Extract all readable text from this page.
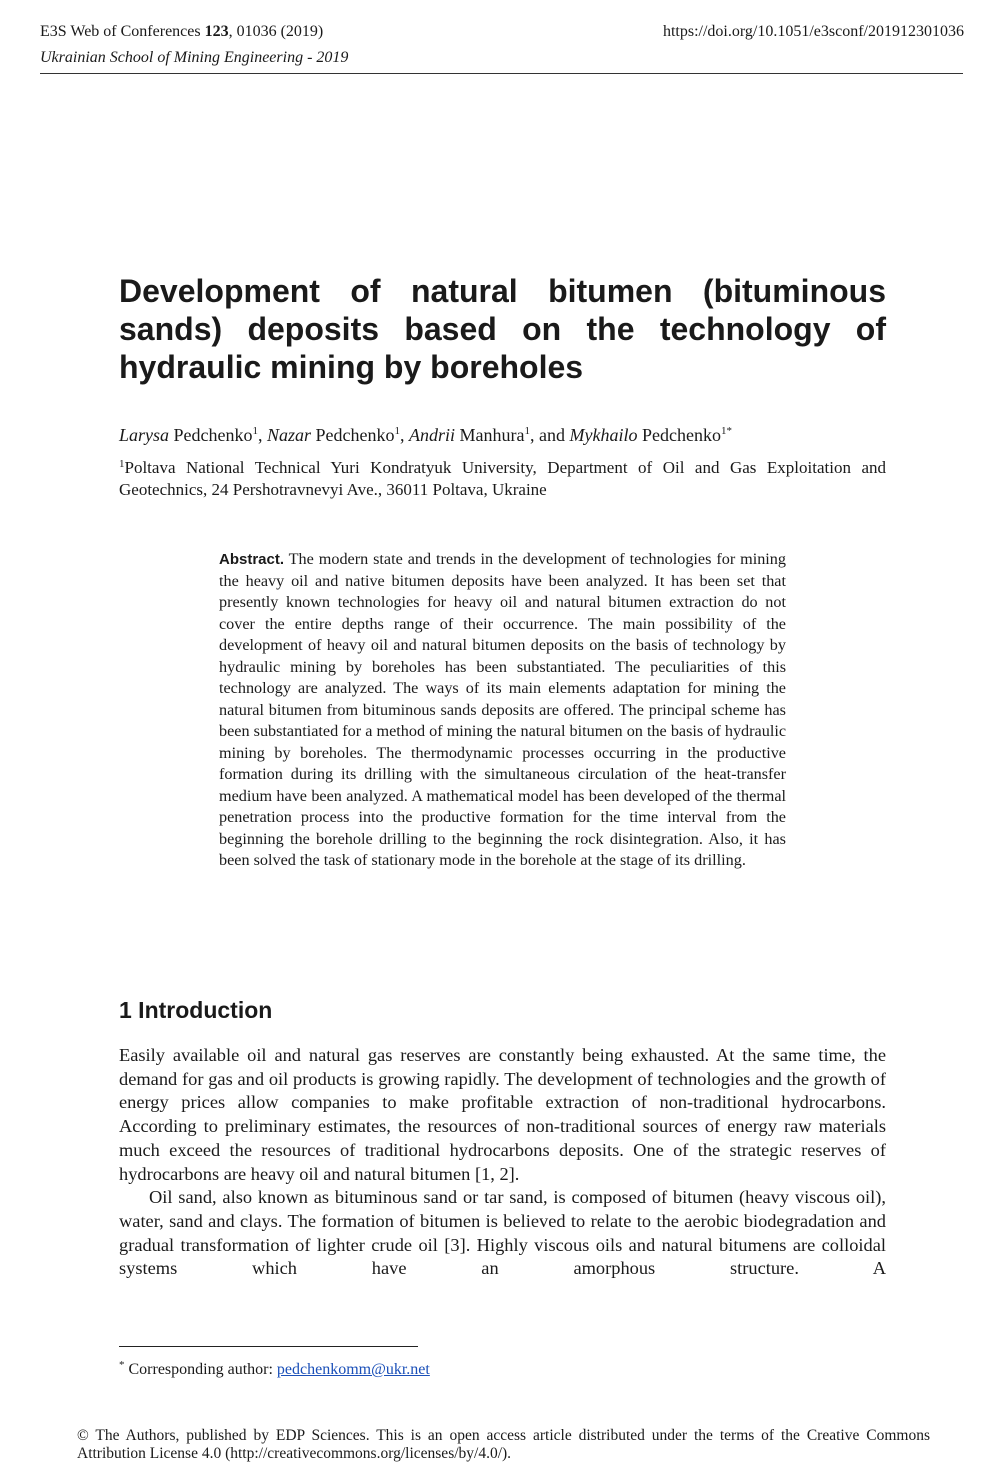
E3S Web of Conferences 123, 01036 (2019)	https://doi.org/10.1051/e3sconf/201912301036
Ukrainian School of Mining Engineering - 2019
Development of natural bitumen (bituminous sands) deposits based on the technology of hydraulic mining by boreholes
Larysa Pedchenko$^1$, Nazar Pedchenko$^1$, Andrii Manhura$^1$, and Mykhailo Pedchenko$^{1*}$
$^1$Poltava National Technical Yuri Kondratyuk University, Department of Oil and Gas Exploitation and Geotechnics, 24 Pershotravnevyi Ave., 36011 Poltava, Ukraine
Abstract. The modern state and trends in the development of technologies for mining the heavy oil and native bitumen deposits have been analyzed. It has been set that presently known technologies for heavy oil and natural bitumen extraction do not cover the entire depths range of their occurrence. The main possibility of the development of heavy oil and natural bitumen deposits on the basis of technology by hydraulic mining by boreholes has been substantiated. The peculiarities of this technology are analyzed. The ways of its main elements adaptation for mining the natural bitumen from bituminous sands deposits are offered. The principal scheme has been substantiated for a method of mining the natural bitumen on the basis of hydraulic mining by boreholes. The thermodynamic processes occurring in the productive formation during its drilling with the simultaneous circulation of the heat-transfer medium have been analyzed. A mathematical model has been developed of the thermal penetration process into the productive formation for the time interval from the beginning the borehole drilling to the beginning the rock disintegration. Also, it has been solved the task of stationary mode in the borehole at the stage of its drilling.
1 Introduction

Easily available oil and natural gas reserves are constantly being exhausted. At the same time, the demand for gas and oil products is growing rapidly. The development of technologies and the growth of energy prices allow companies to make profitable extraction of non-traditional hydrocarbons. According to preliminary estimates, the resources of non-traditional sources of energy raw materials much exceed the resources of traditional hydrocarbons deposits. One of the strategic reserves of hydrocarbons are heavy oil and natural bitumen [1, 2].

Oil sand, also known as bituminous sand or tar sand, is composed of bitumen (heavy viscous oil), water, sand and clays. The formation of bitumen is believed to relate to the aerobic biodegradation and gradual transformation of lighter crude oil [3]. Highly viscous oils and natural bitumens are colloidal systems which have an amorphous structure. A

* Corresponding author: pedchenkomm@ukr.net
© The Authors, published by EDP Sciences. This is an open access article distributed under the terms of the Creative Commons Attribution License 4.0 (http://creativecommons.org/licenses/by/4.0/).
